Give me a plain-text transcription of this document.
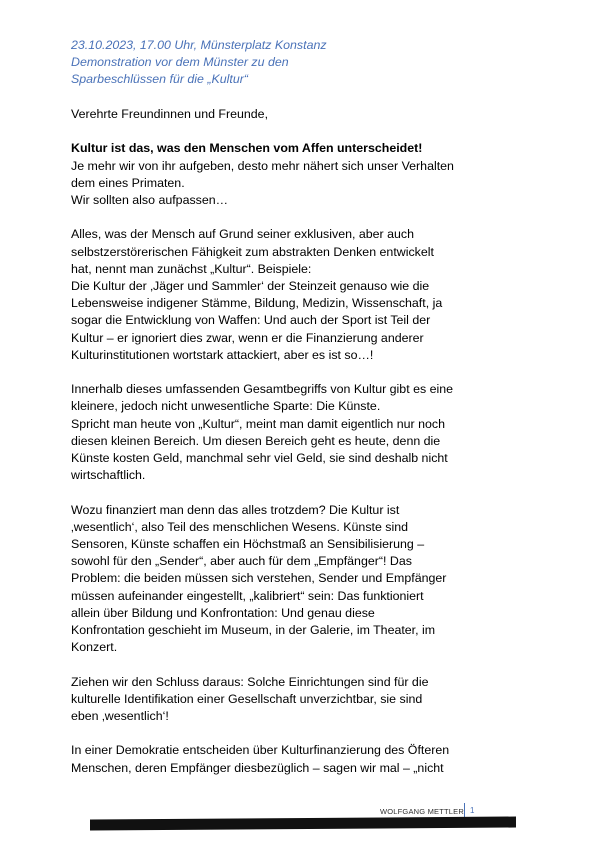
23.10.2023, 17.00 Uhr, Münsterplatz Konstanz
Demonstration vor dem Münster zu den
Sparbeschlüssen für die „Kultur“
Verehrte Freundinnen und Freunde,
Kultur ist das, was den Menschen vom Affen unterscheidet!
Je mehr wir von ihr aufgeben, desto mehr nähert sich unser Verhalten
dem eines Primaten.
Wir sollten also aufpassen…
Alles, was der Mensch auf Grund seiner exklusiven, aber auch
selbstzerstörerischen Fähigkeit zum abstrakten Denken entwickelt
hat, nennt man zunächst „Kultur“. Beispiele:
Die Kultur der ‚Jäger und Sammler‘ der Steinzeit genauso wie die
Lebensweise indigener Stämme, Bildung, Medizin, Wissenschaft, ja
sogar die Entwicklung von Waffen: Und auch der Sport ist Teil der
Kultur – er ignoriert dies zwar, wenn er die Finanzierung anderer
Kulturinstitutionen wortstark attackiert, aber es ist so…!
Innerhalb dieses umfassenden Gesamtbegriffs von Kultur gibt es eine
kleinere, jedoch nicht unwesentliche Sparte: Die Künste.
Spricht man heute von „Kultur“, meint man damit eigentlich nur noch
diesen kleinen Bereich. Um diesen Bereich geht es heute, denn die
Künste kosten Geld, manchmal sehr viel Geld, sie sind deshalb nicht
wirtschaftlich.
Wozu finanziert man denn das alles trotzdem? Die Kultur ist
‚wesentlich‘, also Teil des menschlichen Wesens. Künste sind
Sensoren, Künste schaffen ein Höchstmaß an Sensibilisierung –
sowohl für den „Sender“, aber auch für dem „Empfänger“! Das
Problem: die beiden müssen sich verstehen, Sender und Empfänger
müssen aufeinander eingestellt, „kalibriert“ sein: Das funktioniert
allein über Bildung und Konfrontation: Und genau diese
Konfrontation geschieht im Museum, in der Galerie, im Theater, im
Konzert.
Ziehen wir den Schluss daraus: Solche Einrichtungen sind für die
kulturelle Identifikation einer Gesellschaft unverzichtbar, sie sind
eben ‚wesentlich‘!
In einer Demokratie entscheiden über Kulturfinanzierung des Öfteren
Menschen, deren Empfänger diesbezüglich – sagen wir mal – „nicht
WOLFGANG METTLER 1
